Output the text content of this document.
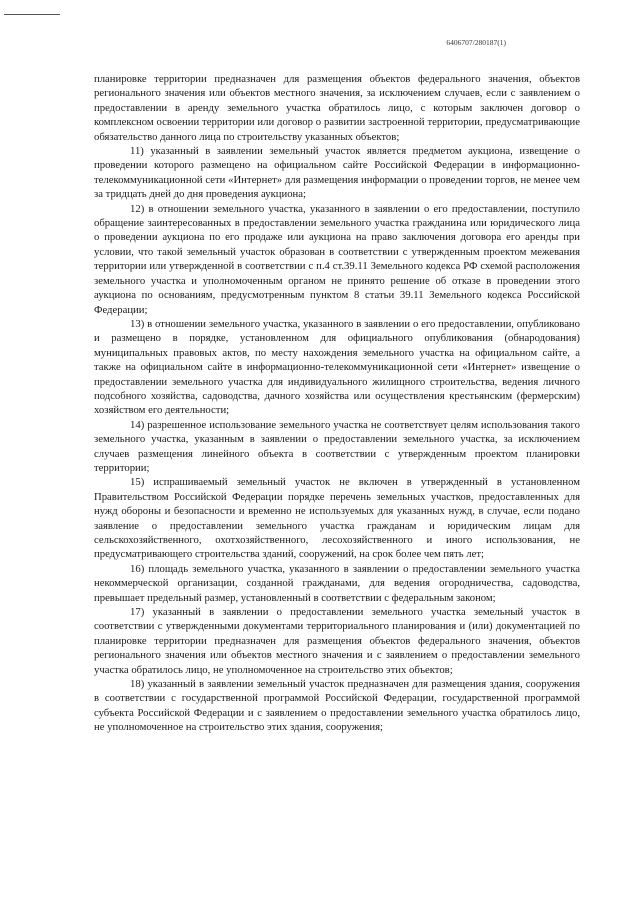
6406707/280187(1)

планировке территории предназначен для размещения объектов федерального значения, объектов регионального значения или объектов местного значения, за исключением случаев, если с заявлением о предоставлении в аренду земельного участка обратилось лицо, с которым заключен договор о комплексном освоении территории или договор о развитии застроенной территории, предусматривающие обязательство данного лица по строительству указанных объектов;

11) указанный в заявлении земельный участок является предметом аукциона, извещение о проведении которого размещено на официальном сайте Российской Федерации в информационно-телекоммуникационной сети «Интернет» для размещения информации о проведении торгов, не менее чем за тридцать дней до дня проведения аукциона;

12) в отношении земельного участка, указанного в заявлении о его предоставлении, поступило обращение заинтересованных в предоставлении земельного участка гражданина или юридического лица о проведении аукциона по его продаже или аукциона на право заключения договора его аренды при условии, что такой земельный участок образован в соответствии с утвержденным проектом межевания территории или утвержденной в соответствии с п.4 ст.39.11 Земельного кодекса РФ схемой расположения земельного участка и уполномоченным органом не принято решение об отказе в проведении этого аукциона по основаниям, предусмотренным пунктом 8 статьи 39.11 Земельного кодекса Российской Федерации;

13) в отношении земельного участка, указанного в заявлении о его предоставлении, опубликовано и размещено в порядке, установленном для официального опубликования (обнародования) муниципальных правовых актов, по месту нахождения земельного участка на официальном сайте, а также на официальном сайте в информационно-телекоммуникационной сети «Интернет» извещение о предоставлении земельного участка для индивидуального жилищного строительства, ведения личного подсобного хозяйства, садоводства, дачного хозяйства или осуществления крестьянским (фермерским) хозяйством его деятельности;

14) разрешенное использование земельного участка не соответствует целям использования такого земельного участка, указанным в заявлении о предоставлении земельного участка, за исключением случаев размещения линейного объекта в соответствии с утвержденным проектом планировки территории;

15) испрашиваемый земельный участок не включен в утвержденный в установленном Правительством Российской Федерации порядке перечень земельных участков, предоставленных для нужд обороны и безопасности и временно не используемых для указанных нужд, в случае, если подано заявление о предоставлении земельного участка гражданам и юридическим лицам для сельскохозяйственного, охотхозяйственного, лесохозяйственного и иного использования, не предусматривающего строительства зданий, сооружений, на срок более чем пять лет;

16) площадь земельного участка, указанного в заявлении о предоставлении земельного участка некоммерческой организации, созданной гражданами, для ведения огородничества, садоводства, превышает предельный размер, установленный в соответствии с федеральным законом;

17) указанный в заявлении о предоставлении земельного участка земельный участок в соответствии с утвержденными документами территориального планирования и (или) документацией по планировке территории предназначен для размещения объектов федерального значения, объектов регионального значения или объектов местного значения и с заявлением о предоставлении земельного участка обратилось лицо, не уполномоченное на строительство этих объектов;

18) указанный в заявлении земельный участок предназначен для размещения здания, сооружения в соответствии с государственной программой Российской Федерации, государственной программой субъекта Российской Федерации и с заявлением о предоставлении земельного участка обратилось лицо, не уполномоченное на строительство этих здания, сооружения;
